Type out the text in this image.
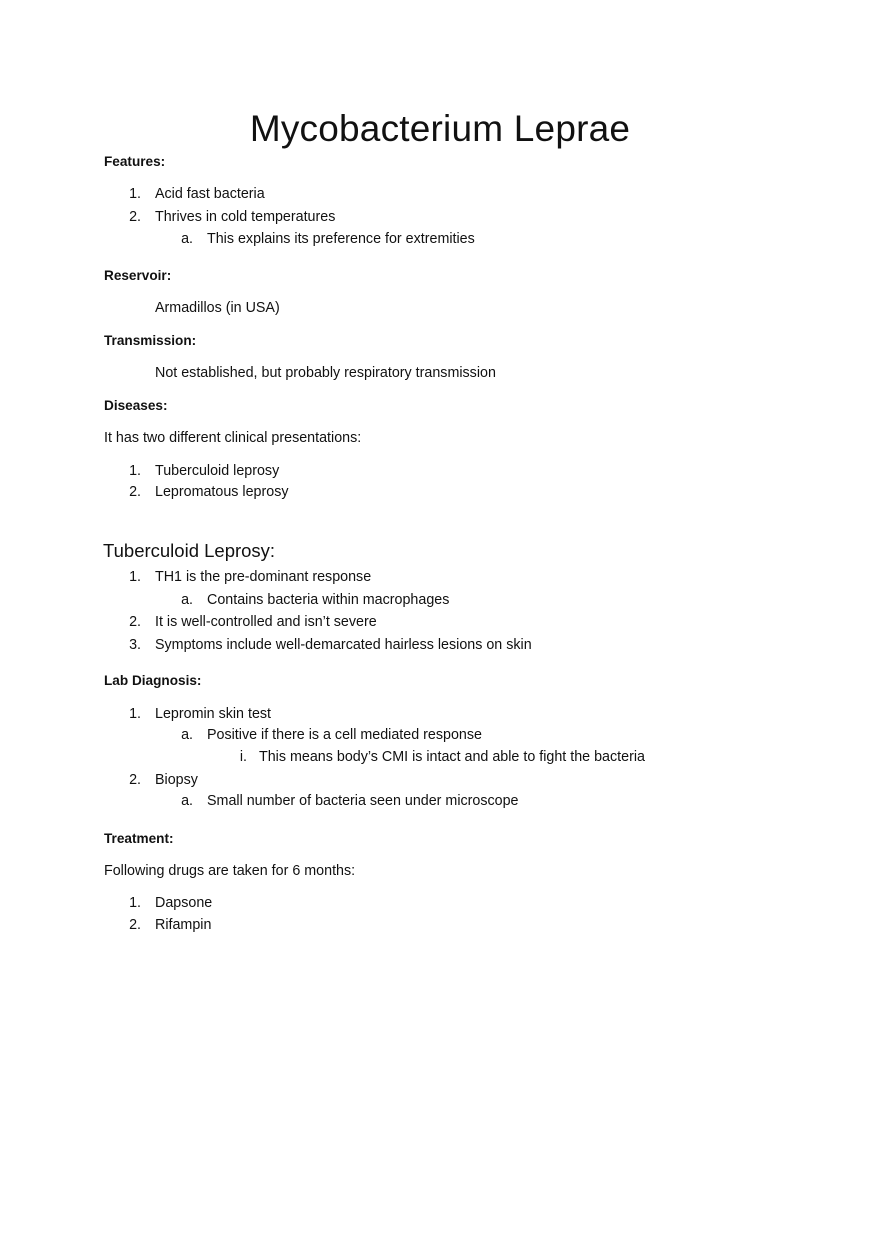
Mycobacterium Leprae
Features:
1. Acid fast bacteria
2. Thrives in cold temperatures
a. This explains its preference for extremities
Reservoir:
Armadillos (in USA)
Transmission:
Not established, but probably respiratory transmission
Diseases:
It has two different clinical presentations:
1. Tuberculoid leprosy
2. Lepromatous leprosy
Tuberculoid Leprosy:
1. TH1 is the pre-dominant response
a. Contains bacteria within macrophages
2. It is well-controlled and isn’t severe
3. Symptoms include well-demarcated hairless lesions on skin
Lab Diagnosis:
1. Lepromin skin test
a. Positive if there is a cell mediated response
i. This means body’s CMI is intact and able to fight the bacteria
2. Biopsy
a. Small number of bacteria seen under microscope
Treatment:
Following drugs are taken for 6 months:
1. Dapsone
2. Rifampin
